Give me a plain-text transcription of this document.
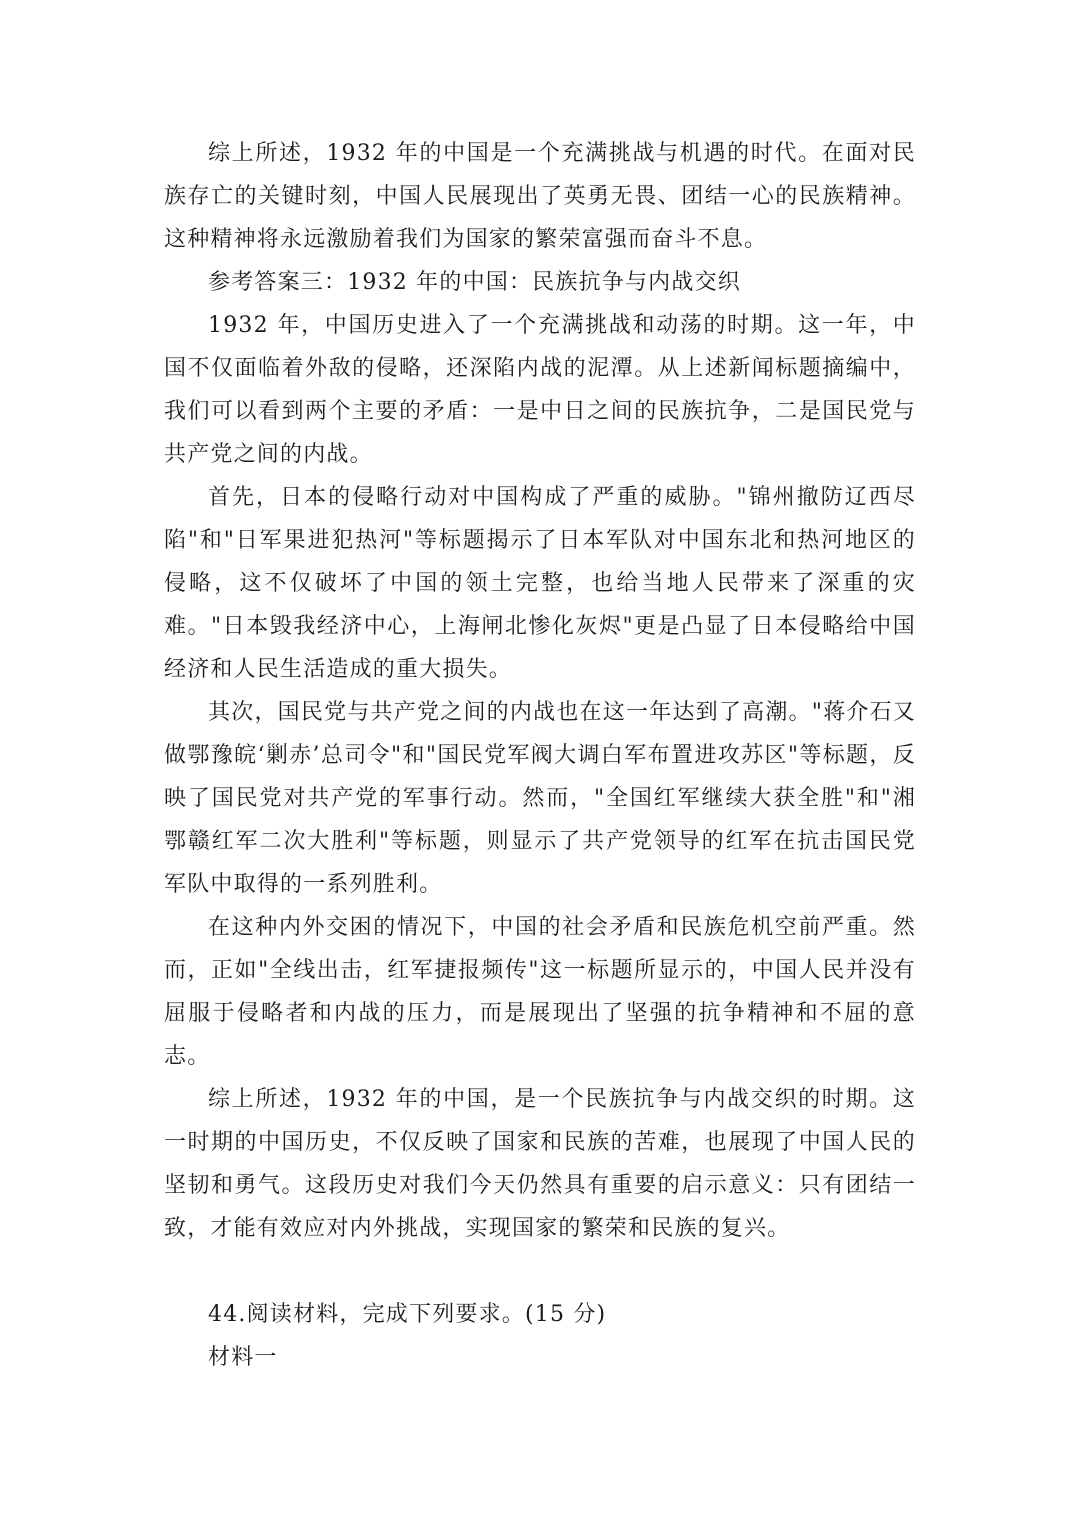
综上所述，1932 年的中国是一个充满挑战与机遇的时代。在面对民族存亡的关键时刻，中国人民展现出了英勇无畏、团结一心的民族精神。这种精神将永远激励着我们为国家的繁荣富强而奋斗不息。

参考答案三：1932 年的中国：民族抗争与内战交织

1932 年，中国历史进入了一个充满挑战和动荡的时期。这一年，中国不仅面临着外敌的侵略，还深陷内战的泥潭。从上述新闻标题摘编中，我们可以看到两个主要的矛盾：一是中日之间的民族抗争，二是国民党与共产党之间的内战。

首先，日本的侵略行动对中国构成了严重的威胁。"锦州撤防辽西尽陷"和"日军果进犯热河"等标题揭示了日本军队对中国东北和热河地区的侵略，这不仅破坏了中国的领土完整，也给当地人民带来了深重的灾难。"日本毁我经济中心，上海闸北惨化灰烬"更是凸显了日本侵略给中国经济和人民生活造成的重大损失。

其次，国民党与共产党之间的内战也在这一年达到了高潮。"蒋介石又做鄂豫皖‘剿赤’总司令"和"国民党军阀大调白军布置进攻苏区"等标题，反映了国民党对共产党的军事行动。然而，"全国红军继续大获全胜"和"湘鄂赣红军二次大胜利"等标题，则显示了共产党领导的红军在抗击国民党军队中取得的一系列胜利。

在这种内外交困的情况下，中国的社会矛盾和民族危机空前严重。然而，正如"全线出击，红军捷报频传"这一标题所显示的，中国人民并没有屈服于侵略者和内战的压力，而是展现出了坚强的抗争精神和不屈的意志。

综上所述，1932 年的中国，是一个民族抗争与内战交织的时期。这一时期的中国历史，不仅反映了国家和民族的苦难，也展现了中国人民的坚韧和勇气。这段历史对我们今天仍然具有重要的启示意义：只有团结一致，才能有效应对内外挑战，实现国家的繁荣和民族的复兴。

44.阅读材料，完成下列要求。(15 分)

材料一
